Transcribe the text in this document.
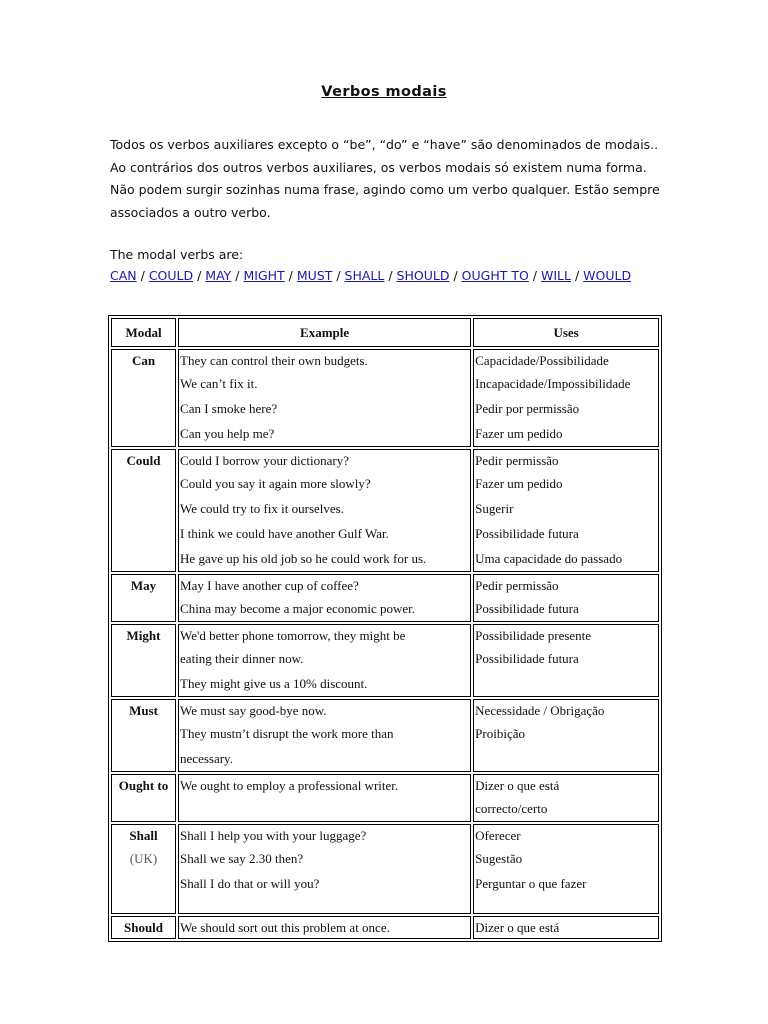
Verbos modais
Todos os verbos auxiliares excepto o “be”, “do” e “have” são denominados de modais.. Ao contrários dos outros verbos auxiliares, os verbos modais só existem numa forma. Não podem surgir sozinhas numa frase, agindo como um verbo qualquer. Estão sempre associados a outro verbo.
The modal verbs are:
CAN / COULD / MAY / MIGHT / MUST / SHALL / SHOULD / OUGHT TO / WILL / WOULD
Modal	Example	Uses

Can	They can control their own budgets.
We can’t fix it.
Can I smoke here?
Can you help me?	Capacidade/Possibilidade
Incapacidade/Impossibilidade
Pedir por permissão
Fazer um pedido

Could	Could I borrow your dictionary?
Could you say it again more slowly?
We could try to fix it ourselves.
I think we could have another Gulf War.
He gave up his old job so he could work for us.	Pedir permissão
Fazer um pedido
Sugerir
Possibilidade futura
Uma capacidade do passado

May	May I have another cup of coffee?
China may become a major economic power.	Pedir permissão
Possibilidade futura

Might	We'd better phone tomorrow, they might be
eating their dinner now.
They might give us a 10% discount.	Possibilidade presente
Possibilidade futura

Must	We must say good-bye now.
They mustn’t disrupt the work more than
necessary.	Necessidade / Obrigação
Proibição

Ought to	We ought to employ a professional writer.	Dizer o que está
correcto/certo

Shall
(UK)	Shall I help you with your luggage?
Shall we say 2.30 then?
Shall I do that or will you?	Oferecer
Sugestão
Perguntar o que fazer

Should	We should sort out this problem at once.	Dizer o que está
